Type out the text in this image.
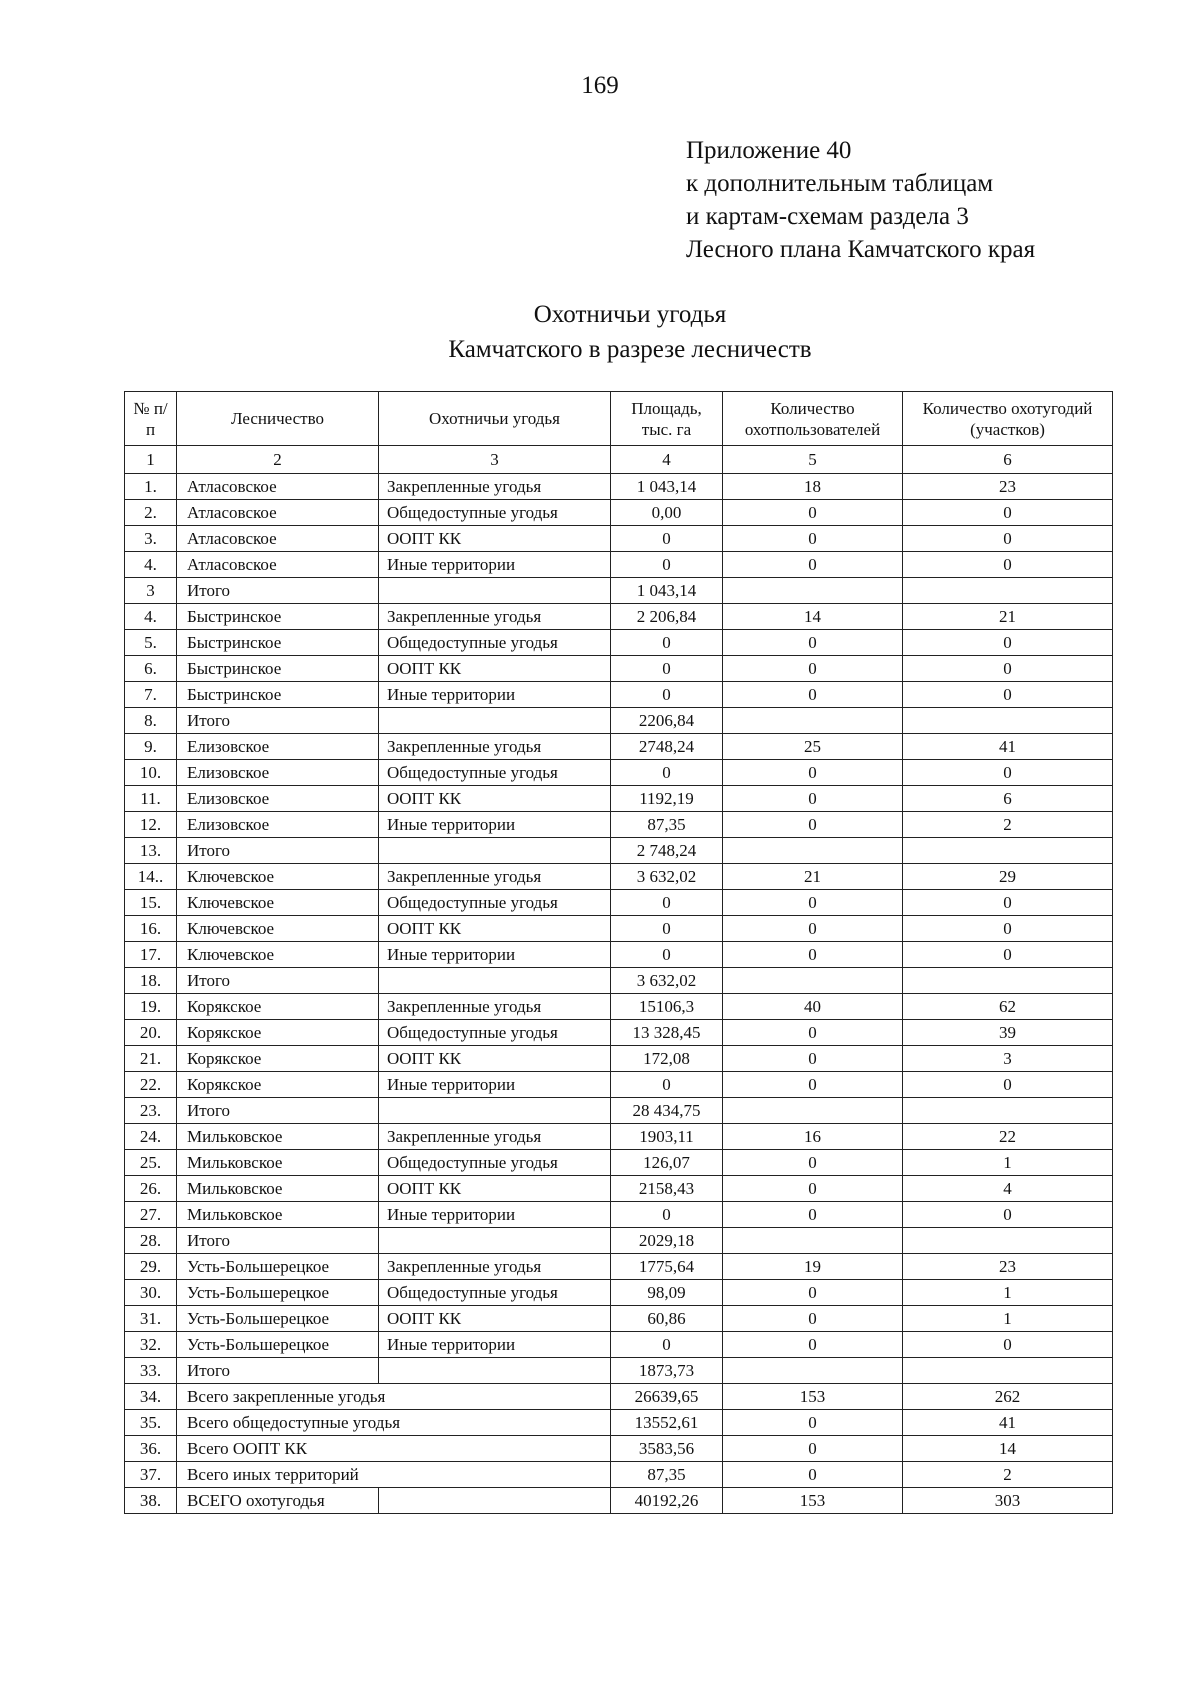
169
Приложение 40
к дополнительным таблицам
и картам-схемам раздела 3
Лесного плана Камчатского края
Охотничьи угодья
Камчатского в разрезе лесничеств
№ п/п	Лесничество	Охотничьи угодья	Площадь, тыс. га	Количество охотпользователей	Количество охотугодий (участков)
1	2	3	4	5	6
1.	Атласовское	Закрепленные угодья	1 043,14	18	23
2.	Атласовское	Общедоступные угодья	0,00	0	0
3.	Атласовское	ООПТ КК	0	0	0
4.	Атласовское	Иные территории	0	0	0
3	Итого		1 043,14		
4.	Быстринское	Закрепленные угодья	2 206,84	14	21
5.	Быстринское	Общедоступные угодья	0	0	0
6.	Быстринское	ООПТ КК	0	0	0
7.	Быстринское	Иные территории	0	0	0
8.	Итого		2206,84		
9.	Елизовское	Закрепленные угодья	2748,24	25	41
10.	Елизовское	Общедоступные угодья	0	0	0
11.	Елизовское	ООПТ КК	1192,19	0	6
12.	Елизовское	Иные территории	87,35	0	2
13.	Итого		2 748,24		
14..	Ключевское	Закрепленные угодья	3 632,02	21	29
15.	Ключевское	Общедоступные угодья	0	0	0
16.	Ключевское	ООПТ КК	0	0	0
17.	Ключевское	Иные территории	0	0	0
18.	Итого		3 632,02		
19.	Корякское	Закрепленные угодья	15106,3	40	62
20.	Корякское	Общедоступные угодья	13 328,45	0	39
21.	Корякское	ООПТ КК	172,08	0	3
22.	Корякское	Иные территории	0	0	0
23.	Итого		28 434,75		
24.	Мильковское	Закрепленные угодья	1903,11	16	22
25.	Мильковское	Общедоступные угодья	126,07	0	1
26.	Мильковское	ООПТ КК	2158,43	0	4
27.	Мильковское	Иные территории	0	0	0
28.	Итого		2029,18		
29.	Усть-Большерецкое	Закрепленные угодья	1775,64	19	23
30.	Усть-Большерецкое	Общедоступные угодья	98,09	0	1
31.	Усть-Большерецкое	ООПТ КК	60,86	0	1
32.	Усть-Большерецкое	Иные территории	0	0	0
33.	Итого		1873,73		
34.	Всего закрепленные угодья		26639,65	153	262
35.	Всего общедоступные угодья		13552,61	0	41
36.	Всего ООПТ КК		3583,56	0	14
37.	Всего иных территорий		87,35	0	2
38.	ВСЕГО охотугодья		40192,26	153	303
